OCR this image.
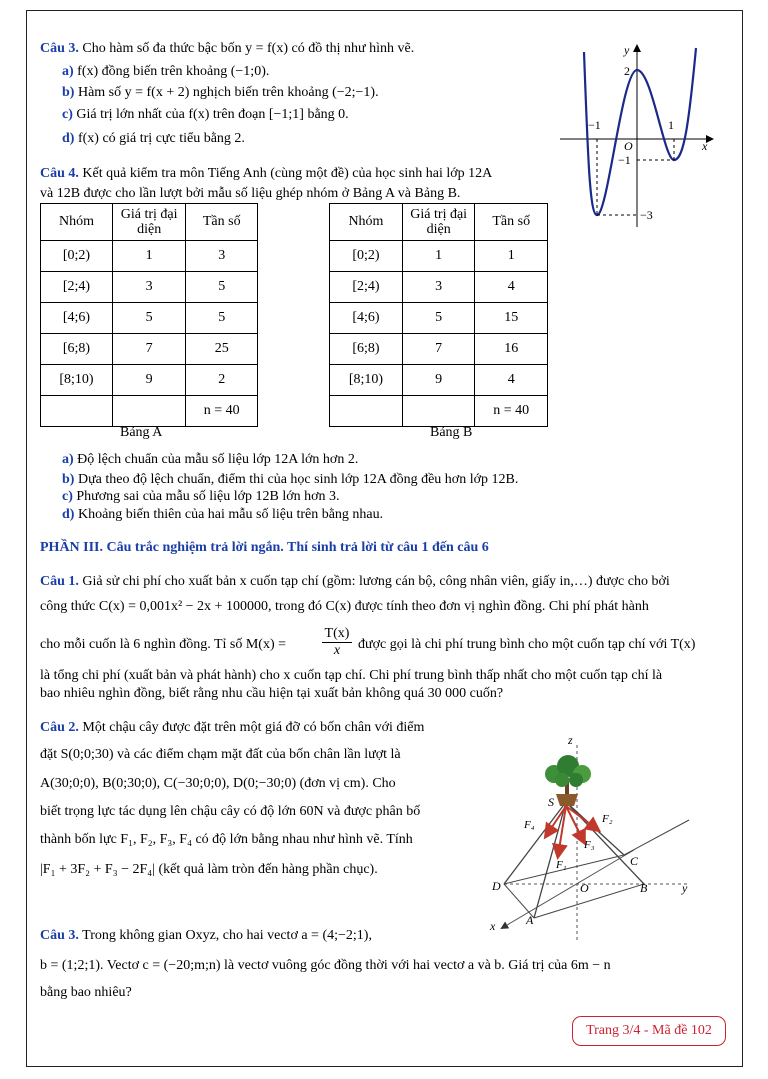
Câu 3. Cho hàm số đa thức bậc bốn y = f(x) có đồ thị như hình vẽ.
a) f(x) đồng biến trên khoảng (−1;0).
b) Hàm số y = f(x + 2) nghịch biến trên khoảng (−2;−1).
c) Giá trị lớn nhất của f(x) trên đoạn [−1;1] bằng 0.
d) f(x) có giá trị cực tiểu bằng 2.
y
2
−1	1
O	x
−1
−3
Câu 4. Kết quả kiểm tra môn Tiếng Anh (cùng một đề) của học sinh hai lớp 12A
và 12B được cho lần lượt bởi mẫu số liệu ghép nhóm ở Bảng A và Bảng B.
Nhóm	Giá trị đại diện	Tần số
[0;2)	1	3
[2;4)	3	5
[4;6)	5	5
[6;8)	7	25
[8;10)	9	2
		n = 40
Bảng A
Nhóm	Giá trị đại diện	Tần số
[0;2)	1	1
[2;4)	3	4
[4;6)	5	15
[6;8)	7	16
[8;10)	9	4
		n = 40
Bảng B
a) Độ lệch chuẩn của mẫu số liệu lớp 12A lớn hơn 2.
b) Dựa theo độ lệch chuẩn, điểm thi của học sinh lớp 12A đồng đều hơn lớp 12B.
c) Phương sai của mẫu số liệu lớp 12B lớn hơn 3.
d) Khoảng biến thiên của hai mẫu số liệu trên bằng nhau.
PHẦN III. Câu trắc nghiệm trả lời ngắn. Thí sinh trả lời từ câu 1 đến câu 6
Câu 1. Giả sử chi phí cho xuất bản x cuốn tạp chí (gồm: lương cán bộ, công nhân viên, giấy in,…) được cho bởi
công thức C(x) = 0,001x² − 2x + 100000, trong đó C(x) được tính theo đơn vị nghìn đồng. Chi phí phát hành
cho mỗi cuốn là 6 nghìn đồng. Tỉ số M(x) =	$\frac{T(x)}{x}$ được gọi là chi phí trung bình cho một cuốn tạp chí với T(x)
là tổng chi phí (xuất bản và phát hành) cho x cuốn tạp chí. Chi phí trung bình thấp nhất cho một cuốn tạp chí là
bao nhiêu nghìn đồng, biết rằng nhu cầu hiện tại xuất bản không quá 30 000 cuốn?
Câu 2. Một chậu cây được đặt trên một giá đỡ có bốn chân với điểm
đặt S(0;0;30) và các điểm chạm mặt đất của bốn chân lần lượt là
A(30;0;0), B(0;30;0), C(−30;0;0), D(0;−30;0) (đơn vị cm). Cho
biết trọng lực tác dụng lên chậu cây có độ lớn 60N và được phân bố
thành bốn lực F₁, F₂, F₃, F₄ có độ lớn bằng nhau như hình vẽ. Tính
|F₁ + 3F₂ + F₃ − 2F₄| (kết quả làm tròn đến hàng phần chục).
z
S
F₄	F₂
F₃
F₁	C
D	O	B	y
A
x
Câu 3. Trong không gian Oxyz, cho hai vectơ a = (4;−2;1),
b = (1;2;1). Vectơ c = (−20;m;n) là vectơ vuông góc đồng thời với hai vectơ a và b. Giá trị của 6m − n
bằng bao nhiêu?
Trang 3/4 - Mã đề 102
